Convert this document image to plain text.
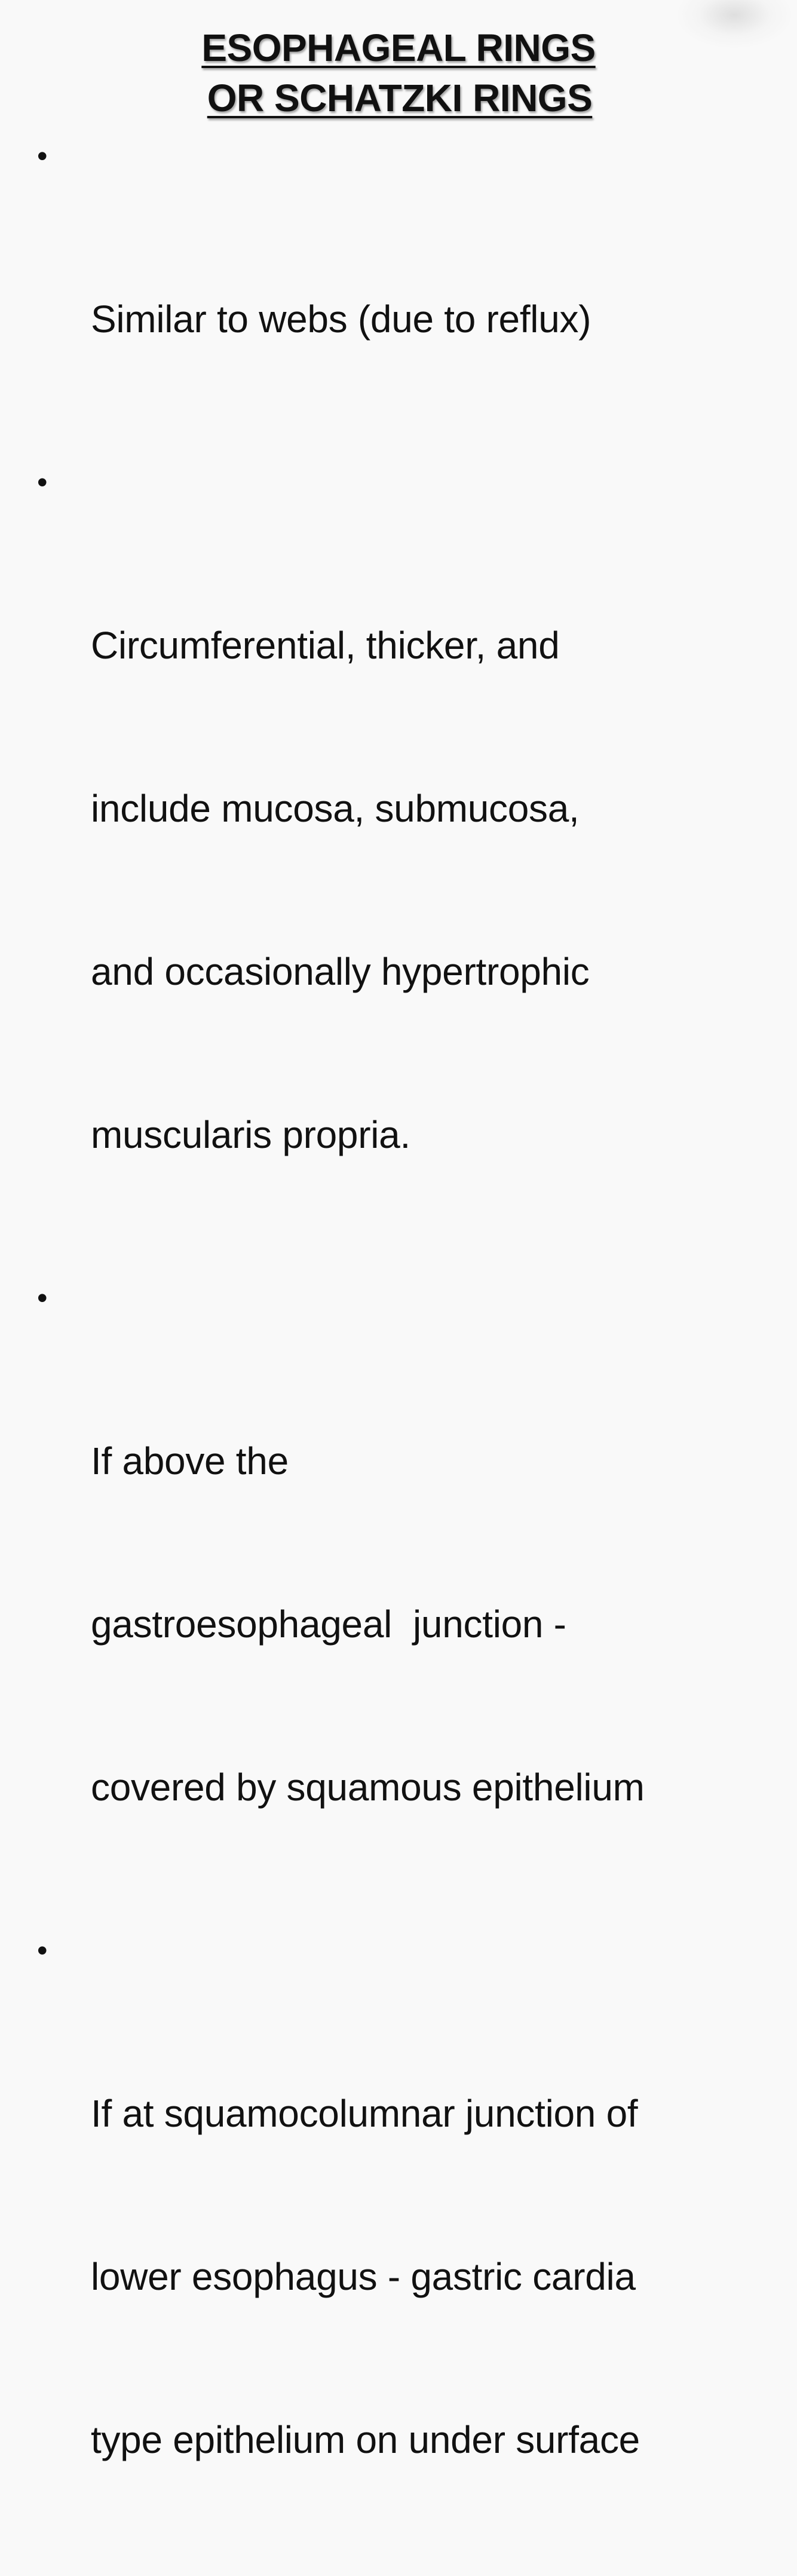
ESOPHAGEAL RINGS
OR SCHATZKI RINGS

•

Similar to webs (due to reflux)

•

Circumferential, thicker, and

include mucosa, submucosa,

and occasionally hypertrophic

muscularis propria.

•

If above the

gastroesophageal  junction -

covered by squamous epithelium

•

If at squamocolumnar junction of

lower esophagus - gastric cardia

type epithelium on under surface
